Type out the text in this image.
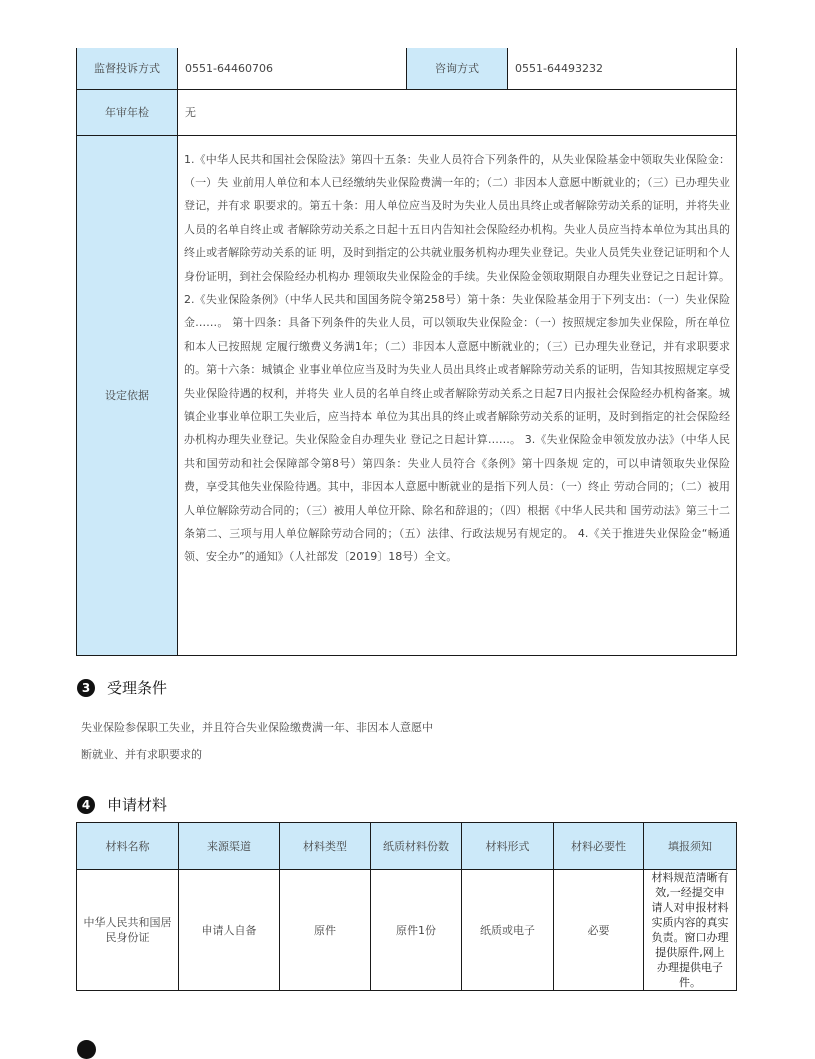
监督投诉方式	0551-64460706	咨询方式	0551-64493232
年审年检	无		
设定依据	1.《中华人民共和国社会保险法》第四十五条：失业人员符合下列条件的，从失业保险基金中领取失业保险金：（一）失 业前用人单位和本人已经缴纳失业保险费满一年的；（二）非因本人意愿中断就业的；（三）已办理失业登记，并有求 职要求的。第五十条：用人单位应当及时为失业人员出具终止或者解除劳动关系的证明，并将失业人员的名单自终止或 者解除劳动关系之日起十五日内告知社会保险经办机构。失业人员应当持本单位为其出具的终止或者解除劳动关系的证 明，及时到指定的公共就业服务机构办理失业登记。失业人员凭失业登记证明和个人身份证明，到社会保险经办机构办 理领取失业保险金的手续。失业保险金领取期限自办理失业登记之日起计算。 2.《失业保险条例》（中华人民共和国国务院令第258号）第十条：失业保险基金用于下列支出：（一）失业保险金……。 第十四条：具备下列条件的失业人员，可以领取失业保险金：（一）按照规定参加失业保险，所在单位和本人已按照规 定履行缴费义务满1年；（二）非因本人意愿中断就业的；（三）已办理失业登记，并有求职要求的。第十六条：城镇企 业事业单位应当及时为失业人员出具终止或者解除劳动关系的证明，告知其按照规定享受失业保险待遇的权利，并将失 业人员的名单自终止或者解除劳动关系之日起7日内报社会保险经办机构备案。城镇企业事业单位职工失业后，应当持本 单位为其出具的终止或者解除劳动关系的证明，及时到指定的社会保险经办机构办理失业登记。失业保险金自办理失业 登记之日起计算……。 3.《失业保险金申领发放办法》（中华人民共和国劳动和社会保障部令第8号）第四条：失业人员符合《条例》第十四条规 定的，可以申请领取失业保险费，享受其他失业保险待遇。其中，非因本人意愿中断就业的是指下列人员：（一）终止 劳动合同的；（二）被用人单位解除劳动合同的；（三）被用人单位开除、除名和辞退的；（四）根据《中华人民共和 国劳动法》第三十二条第二、三项与用人单位解除劳动合同的；（五）法律、行政法规另有规定的。 4.《关于推进失业保险金“畅通领、安全办”的通知》（人社部发〔2019〕18号）全文。		
3	受理条件
失业保险参保职工失业，并且符合失业保险缴费满一年、非因本人意愿中
断就业、并有求职要求的
4	申请材料
材料名称	来源渠道	材料类型	纸质材料份数	材料形式	材料必要性	填报须知
中华人民共和国居民身份证	申请人自备	原件	原件1份	纸质或电子	必要	材料规范清晰有效,一经提交申请人对申报材料实质内容的真实负责。窗口办理提供原件,网上办理提供电子件。
